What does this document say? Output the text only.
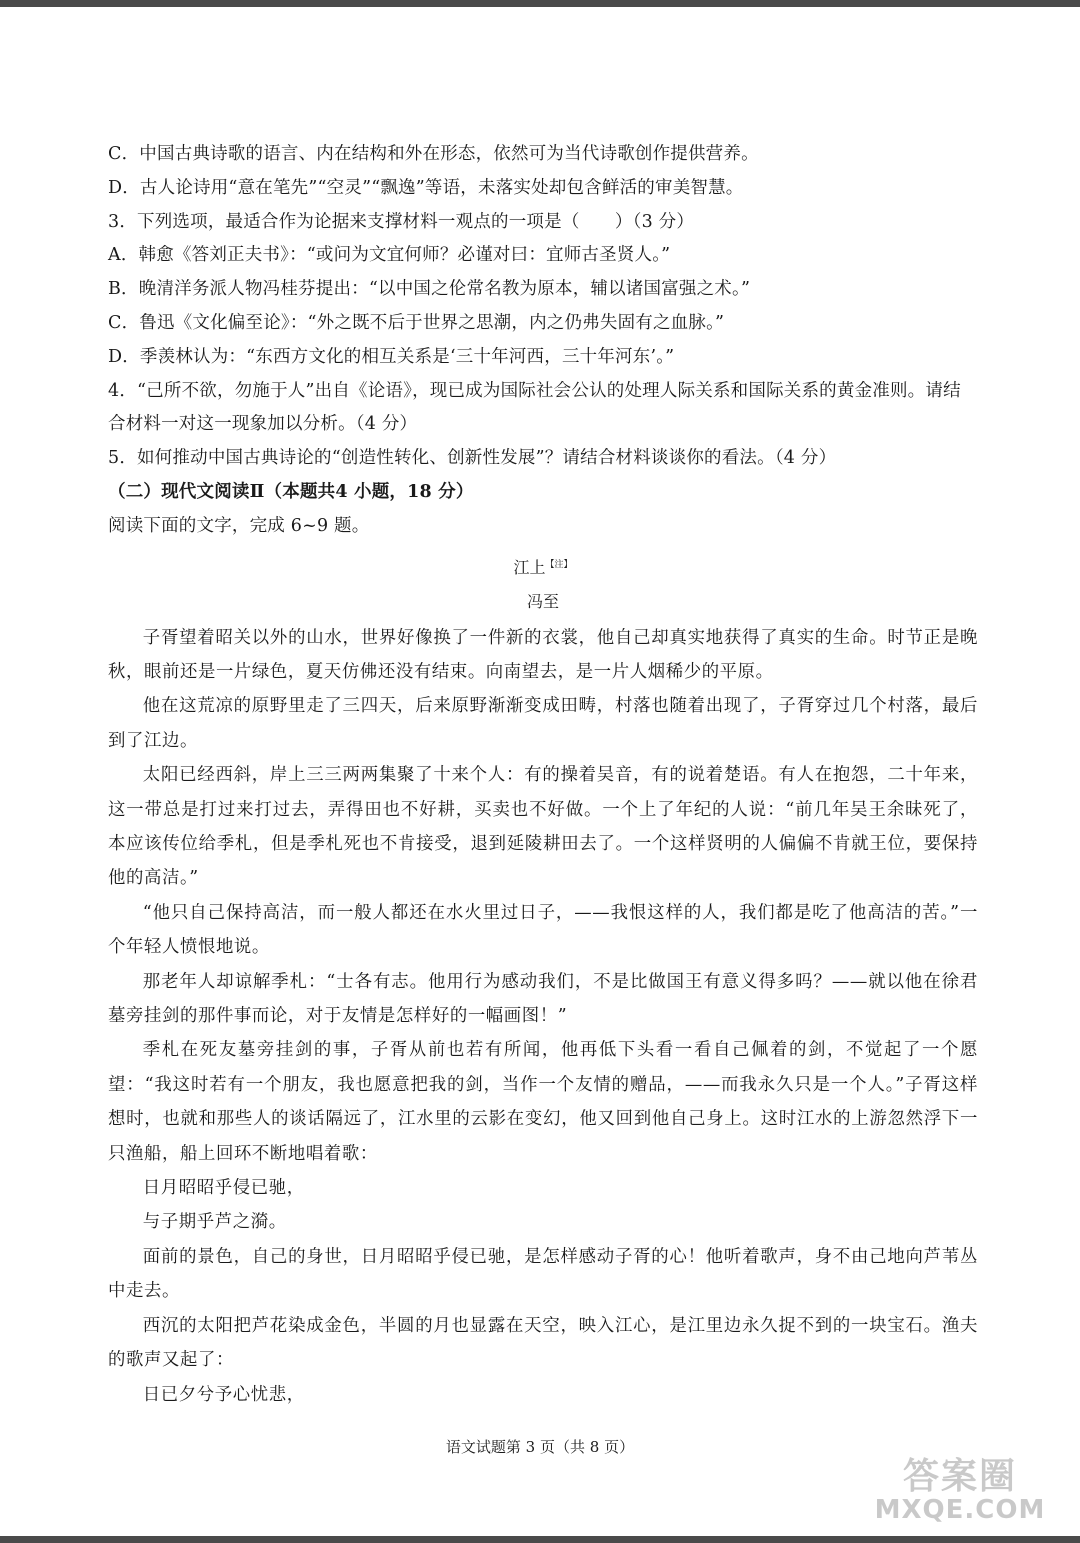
C．中国古典诗歌的语言、内在结构和外在形态，依然可为当代诗歌创作提供营养。
D．古人论诗用“意在笔先”“空灵”“飘逸”等语，未落实处却包含鲜活的审美智慧。
3．下列选项，最适合作为论据来支撑材料一观点的一项是（　　）（3 分）
A．韩愈《答刘正夫书》：“或问为文宜何师？必谨对曰：宜师古圣贤人。”
B．晚清洋务派人物冯桂芬提出：“以中国之伦常名教为原本，辅以诸国富强之术。”
C．鲁迅《文化偏至论》：“外之既不后于世界之思潮，内之仍弗失固有之血脉。”
D．季羡林认为：“东西方文化的相互关系是‘三十年河西，三十年河东’。”
4．“己所不欲，勿施于人”出自《论语》，现已成为国际社会公认的处理人际关系和国际关系的黄金准则。请结合材料一对这一现象加以分析。（4 分）
5．如何推动中国古典诗论的“创造性转化、创新性发展”？请结合材料谈谈你的看法。（4 分）
（二）现代文阅读Ⅱ（本题共4 小题，18 分）
阅读下面的文字，完成 6~9 题。
江上$^{【注】}$
冯至

子胥望着昭关以外的山水，世界好像换了一件新的衣裳，他自己却真实地获得了真实的生命。时节正是晚秋，眼前还是一片绿色，夏天仿佛还没有结束。向南望去，是一片人烟稀少的平原。

他在这荒凉的原野里走了三四天，后来原野渐渐变成田畴，村落也随着出现了，子胥穿过几个村落，最后到了江边。

太阳已经西斜，岸上三三两两集聚了十来个人：有的操着吴音，有的说着楚语。有人在抱怨，二十年来，这一带总是打过来打过去，弄得田也不好耕，买卖也不好做。一个上了年纪的人说：“前几年吴王余昧死了，本应该传位给季札，但是季札死也不肯接受，退到延陵耕田去了。一个这样贤明的人偏偏不肯就王位，要保持他的高洁。”

“他只自己保持高洁，而一般人都还在水火里过日子，——我恨这样的人，我们都是吃了他高洁的苦。”一个年轻人愤恨地说。

那老年人却谅解季札：“士各有志。他用行为感动我们，不是比做国王有意义得多吗？——就以他在徐君墓旁挂剑的那件事而论，对于友情是怎样好的一幅画图！”

季札在死友墓旁挂剑的事，子胥从前也若有所闻，他再低下头看一看自己佩着的剑，不觉起了一个愿望：“我这时若有一个朋友，我也愿意把我的剑，当作一个友情的赠品，——而我永久只是一个人。”子胥这样想时，也就和那些人的谈话隔远了，江水里的云影在变幻，他又回到他自己身上。这时江水的上游忽然浮下一只渔船，船上回环不断地唱着歌：

日月昭昭乎侵已驰，

与子期乎芦之漪。

面前的景色，自己的身世，日月昭昭乎侵已驰，是怎样感动子胥的心！他听着歌声，身不由己地向芦苇丛中走去。

西沉的太阳把芦花染成金色，半圆的月也显露在天空，映入江心，是江里边永久捉不到的一块宝石。渔夫的歌声又起了：

日已夕兮予心忧悲，

语文试题第 3 页（共 8 页）
答案圈
MXQE.COM
